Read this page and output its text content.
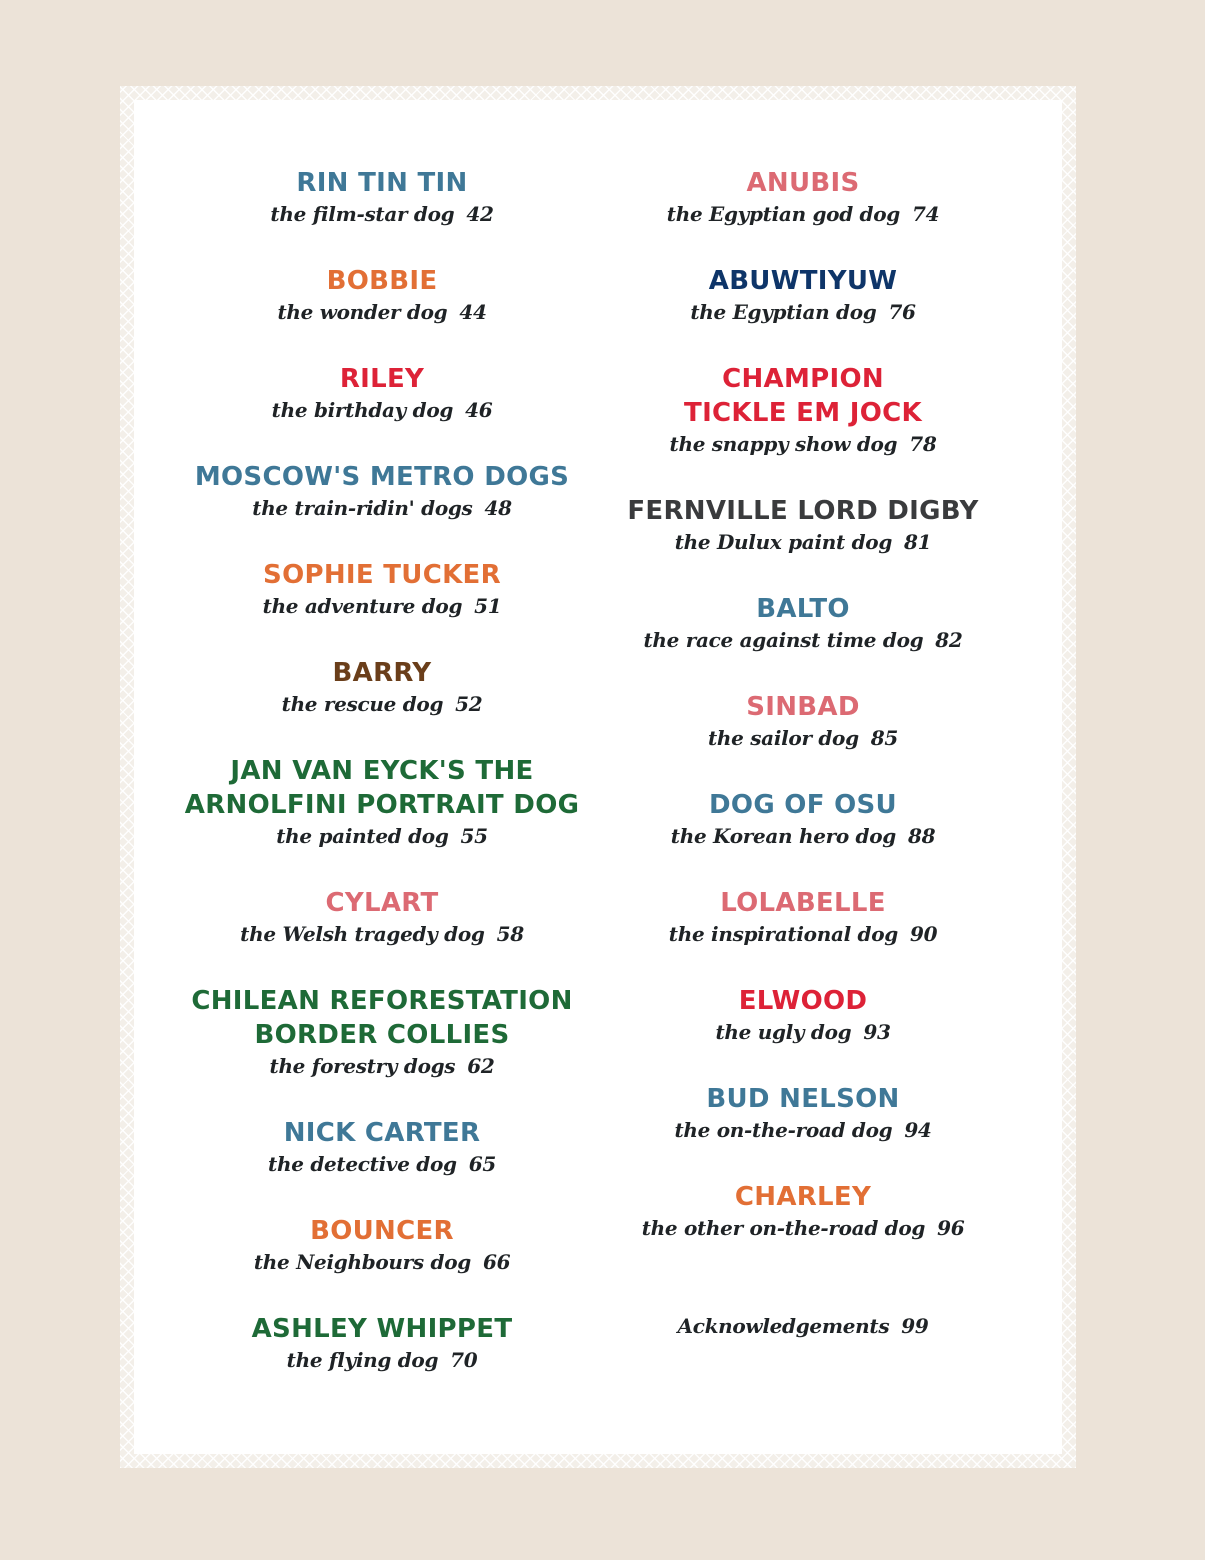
RIN TIN TIN
the film-star dog 42
BOBBIE
the wonder dog 44
RILEY
the birthday dog 46
MOSCOW'S METRO DOGS
the train-ridin' dogs 48
SOPHIE TUCKER
the adventure dog 51
BARRY
the rescue dog 52
JAN VAN EYCK'S THE
ARNOLFINI PORTRAIT DOG
the painted dog 55
CYLART
the Welsh tragedy dog 58
CHILEAN REFORESTATION
BORDER COLLIES
the forestry dogs 62
NICK CARTER
the detective dog 65
BOUNCER
the Neighbours dog 66
ASHLEY WHIPPET
the flying dog 70
ANUBIS
the Egyptian god dog 74
ABUWTIYUW
the Egyptian dog 76
CHAMPION
TICKLE EM JOCK
the snappy show dog 78
FERNVILLE LORD DIGBY
the Dulux paint dog 81
BALTO
the race against time dog 82
SINBAD
the sailor dog 85
DOG OF OSU
the Korean hero dog 88
LOLABELLE
the inspirational dog 90
ELWOOD
the ugly dog 93
BUD NELSON
the on-the-road dog 94
CHARLEY
the other on-the-road dog 96
Acknowledgements 99
